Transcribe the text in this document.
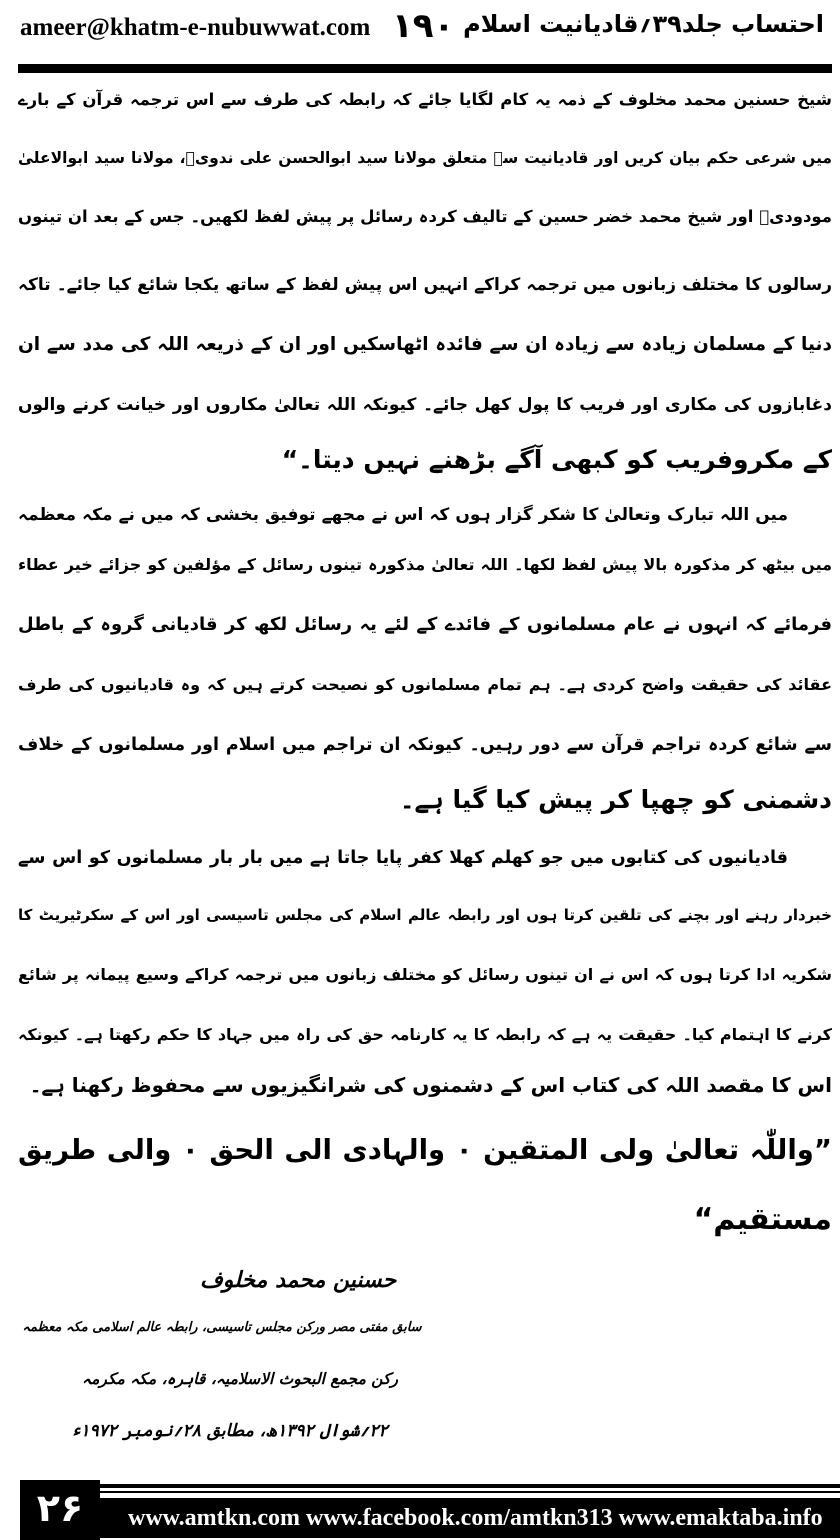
ameer@khatm-e-nubuwwat.com ۱۹۰ احتساب جلد۳۹؍قادیانیت اسلام
شیخ حسنین محمد مخلوف کے ذمہ یہ کام لگایا جائے کہ رابطہ کی طرف سے اس ترجمہ قرآن کے بارے
میں شرعی حکم بیان کریں اور قادیانیت سے متعلق مولانا سید ابوالحسن علی ندویؒ، مولانا سید ابوالاعلیٰ
مودودیؒ اور شیخ محمد خضر حسین کے تالیف کردہ رسائل پر پیش لفظ لکھیں۔ جس کے بعد ان تینوں
رسالوں کا مختلف زبانوں میں ترجمہ کراکے انہیں اس پیش لفظ کے ساتھ یکجا شائع کیا جائے۔ تاکہ
دنیا کے مسلمان زیادہ سے زیادہ ان سے فائدہ اٹھاسکیں اور ان کے ذریعہ اللہ کی مدد سے ان
دغابازوں کی مکاری اور فریب کا پول کھل جائے۔ کیونکہ اللہ تعالیٰ مکاروں اور خیانت کرنے والوں
کے مکروفریب کو کبھی آگے بڑھنے نہیں دیتا۔“
میں اللہ تبارک وتعالیٰ کا شکر گزار ہوں کہ اس نے مجھے توفیق بخشی کہ میں نے مکہ معظمہ
میں بیٹھ کر مذکورہ بالا پیش لفظ لکھا۔ اللہ تعالیٰ مذکورہ تینوں رسائل کے مؤلفین کو جزائے خیر عطاء
فرمائے کہ انہوں نے عام مسلمانوں کے فائدے کے لئے یہ رسائل لکھ کر قادیانی گروہ کے باطل
عقائد کی حقیقت واضح کردی ہے۔ ہم تمام مسلمانوں کو نصیحت کرتے ہیں کہ وہ قادیانیوں کی طرف
سے شائع کردہ تراجم قرآن سے دور رہیں۔ کیونکہ ان تراجم میں اسلام اور مسلمانوں کے خلاف
دشمنی کو چھپا کر پیش کیا گیا ہے۔
قادیانیوں کی کتابوں میں جو کھلم کھلا کفر پایا جاتا ہے میں بار بار مسلمانوں کو اس سے
خبردار رہنے اور بچنے کی تلقین کرتا ہوں اور رابطہ عالم اسلام کی مجلس تاسیسی اور اس کے سکرٹیریٹ کا
شکریہ ادا کرتا ہوں کہ اس نے ان تینوں رسائل کو مختلف زبانوں میں ترجمہ کراکے وسیع پیمانہ پر شائع
کرنے کا اہتمام کیا۔ حقیقت یہ ہے کہ رابطہ کا یہ کارنامہ حق کی راہ میں جہاد کا حکم رکھتا ہے۔ کیونکہ
اس کا مقصد اللہ کی کتاب اس کے دشمنوں کی شرانگیزیوں سے محفوظ رکھنا ہے۔
”واللّٰہ تعالیٰ ولی المتقین ۰ والہادی الی الحق ۰ والی طریق
مستقیم“
حسنین محمد مخلوف
سابق مفتی مصر ورکن مجلس تاسیسی، رابطہ عالم اسلامی مکہ معظمہ
رکن مجمع البحوث الاسلامیہ، قاہرہ، مکہ مکرمہ
۲۲؍شوال ۱۳۹۲ھ، مطابق ۲۸؍نومبر ۱۹۷۲ء
۲۶	www.amtkn.com www.facebook.com/amtkn313 www.emaktaba.info
